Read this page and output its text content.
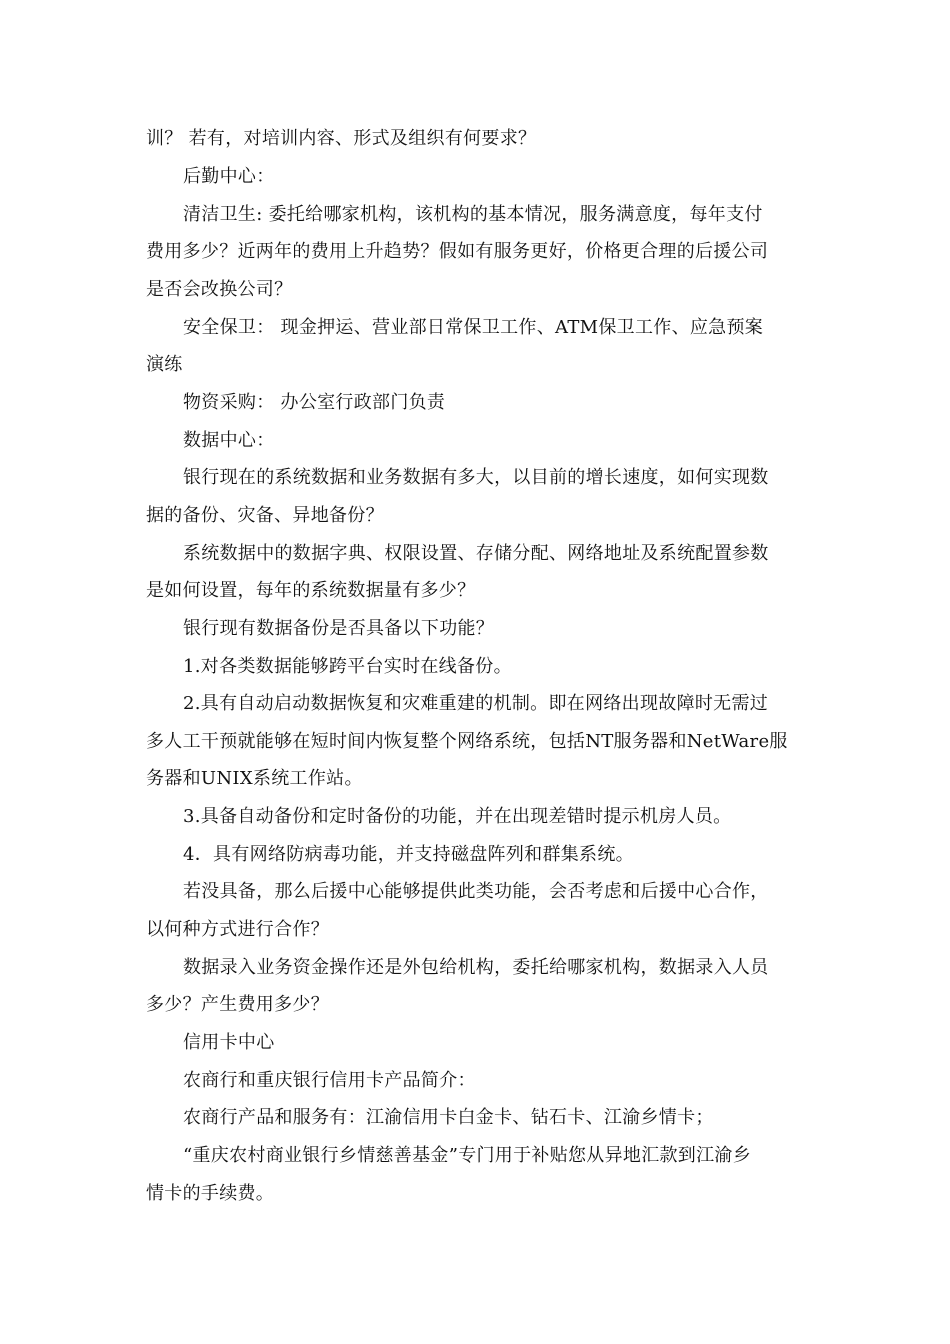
训？ 若有，对培训内容、形式及组织有何要求？
后勤中心：
清洁卫生: 委托给哪家机构，该机构的基本情况，服务满意度，每年支付
费用多少？近两年的费用上升趋势？假如有服务更好，价格更合理的后援公司
是否会改换公司？
安全保卫： 现金押运、营业部日常保卫工作、ATM保卫工作、应急预案
演练
物资采购： 办公室行政部门负责
数据中心：
银行现在的系统数据和业务数据有多大，以目前的增长速度，如何实现数
据的备份、灾备、异地备份？
系统数据中的数据字典、权限设置、存储分配、网络地址及系统配置参数
是如何设置，每年的系统数据量有多少？
银行现有数据备份是否具备以下功能？
1.对各类数据能够跨平台实时在线备份。
2.具有自动启动数据恢复和灾难重建的机制。即在网络出现故障时无需过
多人工干预就能够在短时间内恢复整个网络系统，包括NT服务器和NetWare服
务器和UNIX系统工作站。
3.具备自动备份和定时备份的功能，并在出现差错时提示机房人员。
4．具有网络防病毒功能，并支持磁盘阵列和群集系统。
若没具备，那么后援中心能够提供此类功能，会否考虑和后援中心合作，
以何种方式进行合作？
数据录入业务资金操作还是外包给机构，委托给哪家机构，数据录入人员
多少？产生费用多少？
信用卡中心
农商行和重庆银行信用卡产品简介：
农商行产品和服务有：江渝信用卡白金卡、钻石卡、江渝乡情卡；
“重庆农村商业银行乡情慈善基金”专门用于补贴您从异地汇款到江渝乡
情卡的手续费。
